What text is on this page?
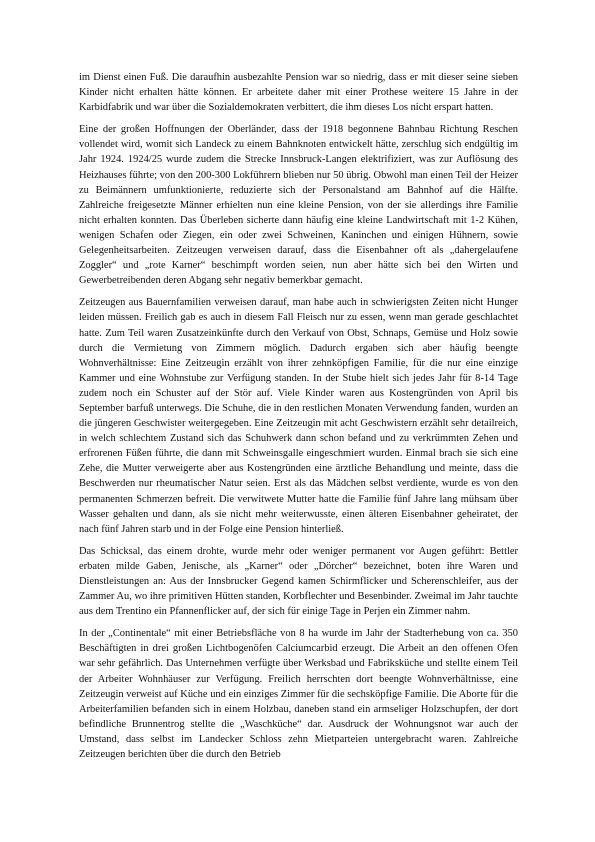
im Dienst einen Fuß. Die daraufhin ausbezahlte Pension war so niedrig, dass er mit dieser seine sieben Kinder nicht erhalten hätte können. Er arbeitete daher mit einer Prothese weitere 15 Jahre in der Karbidfabrik und war über die Sozialdemokraten verbittert, die ihm dieses Los nicht erspart hatten.

Eine der großen Hoffnungen der Oberländer, dass der 1918 begonnene Bahnbau Richtung Reschen vollendet wird, womit sich Landeck zu einem Bahnknoten entwickelt hätte, zerschlug sich endgültig im Jahr 1924. 1924/25 wurde zudem die Strecke Innsbruck-Langen elektrifiziert, was zur Auflösung des Heizhauses führte; von den 200-300 Lokführern blieben nur 50 übrig. Obwohl man einen Teil der Heizer zu Beimännern umfunktionierte, reduzierte sich der Personalstand am Bahnhof auf die Hälfte. Zahlreiche freigesetzte Männer erhielten nun eine kleine Pension, von der sie allerdings ihre Familie nicht erhalten konnten. Das Überleben sicherte dann häufig eine kleine Landwirtschaft mit 1-2 Kühen, wenigen Schafen oder Ziegen, ein oder zwei Schweinen, Kaninchen und einigen Hühnern, sowie Gelegenheitsarbeiten. Zeitzeugen verweisen darauf, dass die Eisenbahner oft als „dahergelaufene Zoggler“ und „rote Karner“ beschimpft worden seien, nun aber hätte sich bei den Wirten und Gewerbetreibenden deren Abgang sehr negativ bemerkbar gemacht.

Zeitzeugen aus Bauernfamilien verweisen darauf, man habe auch in schwierigsten Zeiten nicht Hunger leiden müssen. Freilich gab es auch in diesem Fall Fleisch nur zu essen, wenn man gerade geschlachtet hatte. Zum Teil waren Zusatzeinkünfte durch den Verkauf von Obst, Schnaps, Gemüse und Holz sowie durch die Vermietung von Zimmern möglich. Dadurch ergaben sich aber häufig beengte Wohnverhältnisse: Eine Zeitzeugin erzählt von ihrer zehnköpfigen Familie, für die nur eine einzige Kammer und eine Wohnstube zur Verfügung standen. In der Stube hielt sich jedes Jahr für 8-14 Tage zudem noch ein Schuster auf der Stör auf. Viele Kinder waren aus Kostengründen von April bis September barfuß unterwegs. Die Schuhe, die in den restlichen Monaten Verwendung fanden, wurden an die jüngeren Geschwister weitergegeben. Eine Zeitzeugin mit acht Geschwistern erzählt sehr detailreich, in welch schlechtem Zustand sich das Schuhwerk dann schon befand und zu verkrümmten Zehen und erfrorenen Füßen führte, die dann mit Schweinsgalle eingeschmiert wurden. Einmal brach sie sich eine Zehe, die Mutter verweigerte aber aus Kostengründen eine ärztliche Behandlung und meinte, dass die Beschwerden nur rheumatischer Natur seien. Erst als das Mädchen selbst verdiente, wurde es von den permanenten Schmerzen befreit. Die verwitwete Mutter hatte die Familie fünf Jahre lang mühsam über Wasser gehalten und dann, als sie nicht mehr weiterwusste, einen älteren Eisenbahner geheiratet, der nach fünf Jahren starb und in der Folge eine Pension hinterließ.

Das Schicksal, das einem drohte, wurde mehr oder weniger permanent vor Augen geführt: Bettler erbaten milde Gaben, Jenische, als „Karner“ oder „Dörcher“ bezeichnet, boten ihre Waren und Dienstleistungen an: Aus der Innsbrucker Gegend kamen Schirmflicker und Scherenschleifer, aus der Zammer Au, wo ihre primitiven Hütten standen, Korbflechter und Besenbinder. Zweimal im Jahr tauchte aus dem Trentino ein Pfannenflicker auf, der sich für einige Tage in Perjen ein Zimmer nahm.

In der „Continentale“ mit einer Betriebsfläche von 8 ha wurde im Jahr der Stadterhebung von ca. 350 Beschäftigten in drei großen Lichtbogenöfen Calciumcarbid erzeugt. Die Arbeit an den offenen Ofen war sehr gefährlich. Das Unternehmen verfügte über Werksbad und Fabriksküche und stellte einem Teil der Arbeiter Wohnhäuser zur Verfügung. Freilich herrschten dort beengte Wohnverhältnisse, eine Zeitzeugin verweist auf Küche und ein einziges Zimmer für die sechsköpfige Familie. Die Aborte für die Arbeiterfamilien befanden sich in einem Holzbau, daneben stand ein armseliger Holzschupfen, der dort befindliche Brunnentrog stellte die „Waschküche“ dar. Ausdruck der Wohnungsnot war auch der Umstand, dass selbst im Landecker Schloss zehn Mietparteien untergebracht waren. Zahlreiche Zeitzeugen berichten über die durch den Betrieb
